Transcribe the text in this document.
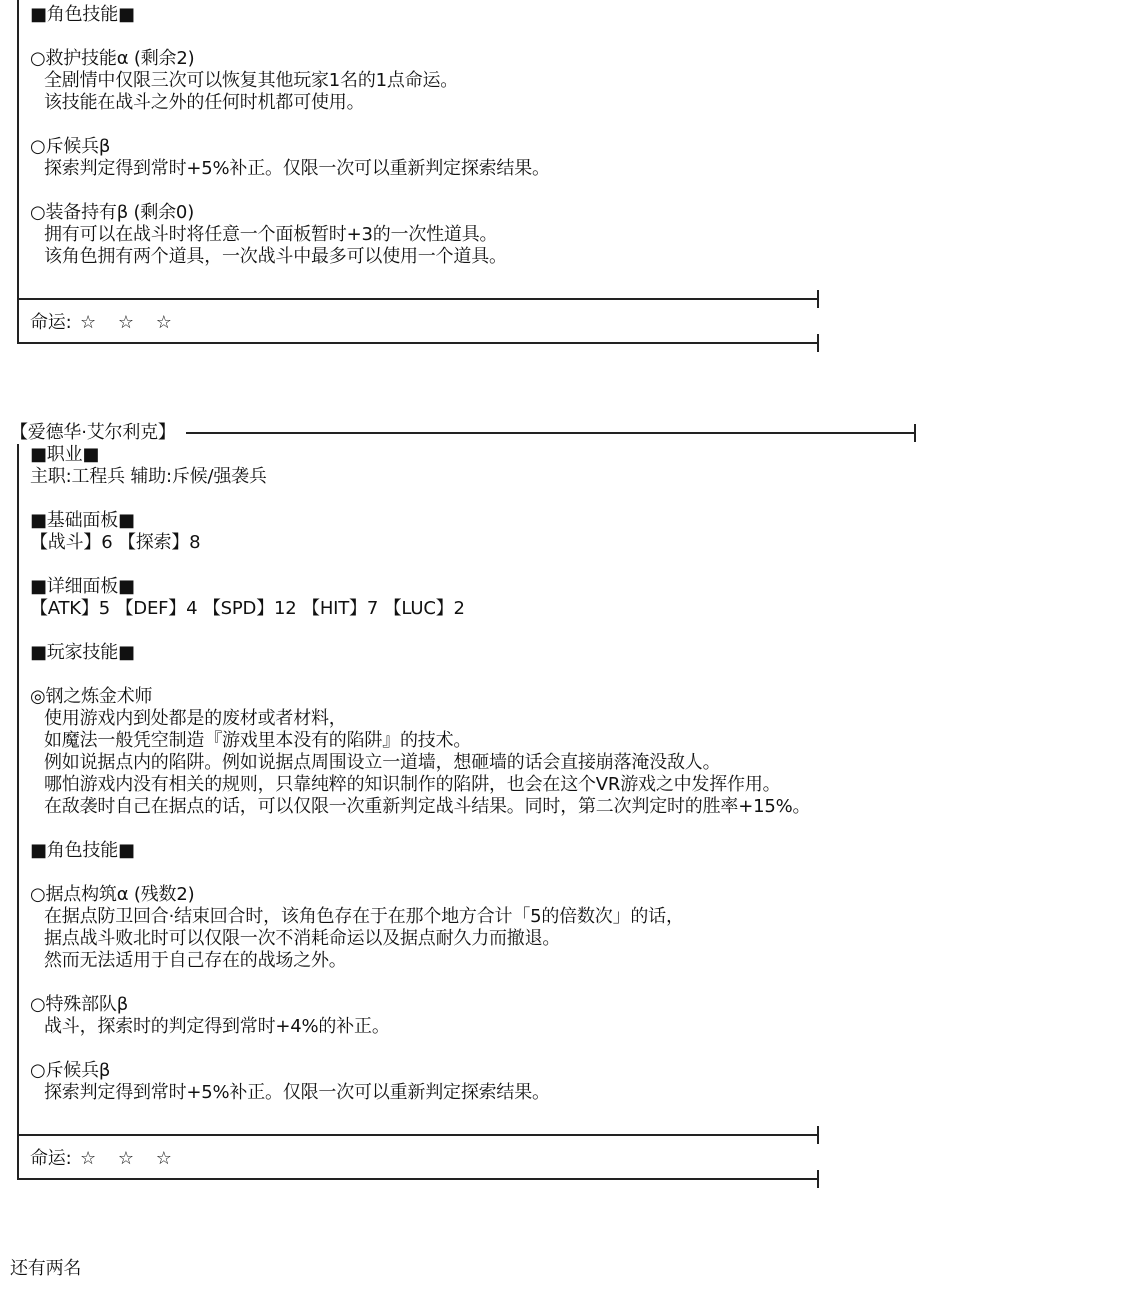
■角色技能■
○救护技能α (剩余2)
全剧情中仅限三次可以恢复其他玩家1名的1点命运。
该技能在战斗之外的任何时机都可使用。
○斥候兵β
探索判定得到常时+5%补正。仅限一次可以重新判定探索结果。
○装备持有β (剩余0)
拥有可以在战斗时将任意一个面板暂时+3的一次性道具。
该角色拥有两个道具，一次战斗中最多可以使用一个道具。
命运: ☆ ☆ ☆
【爱德华·艾尔利克】
■职业■
主职:工程兵 辅助:斥候/强袭兵
■基础面板■
【战斗】6 【探索】8
■详细面板■
【ATK】5 【DEF】4 【SPD】12 【HIT】7 【LUC】2
■玩家技能■
◎钢之炼金术师
使用游戏内到处都是的废材或者材料，
如魔法一般凭空制造『游戏里本没有的陷阱』的技术。
例如说据点内的陷阱。例如说据点周围设立一道墙，想砸墙的话会直接崩落淹没敌人。
哪怕游戏内没有相关的规则，只靠纯粹的知识制作的陷阱，也会在这个VR游戏之中发挥作用。
在敌袭时自己在据点的话，可以仅限一次重新判定战斗结果。同时，第二次判定时的胜率+15%。
■角色技能■
○据点构筑α (残数2)
在据点防卫回合·结束回合时，该角色存在于在那个地方合计「5的倍数次」的话，
据点战斗败北时可以仅限一次不消耗命运以及据点耐久力而撤退。
然而无法适用于自己存在的战场之外。
○特殊部队β
战斗，探索时的判定得到常时+4%的补正。
○斥候兵β
探索判定得到常时+5%补正。仅限一次可以重新判定探索结果。
命运: ☆ ☆ ☆
还有两名
